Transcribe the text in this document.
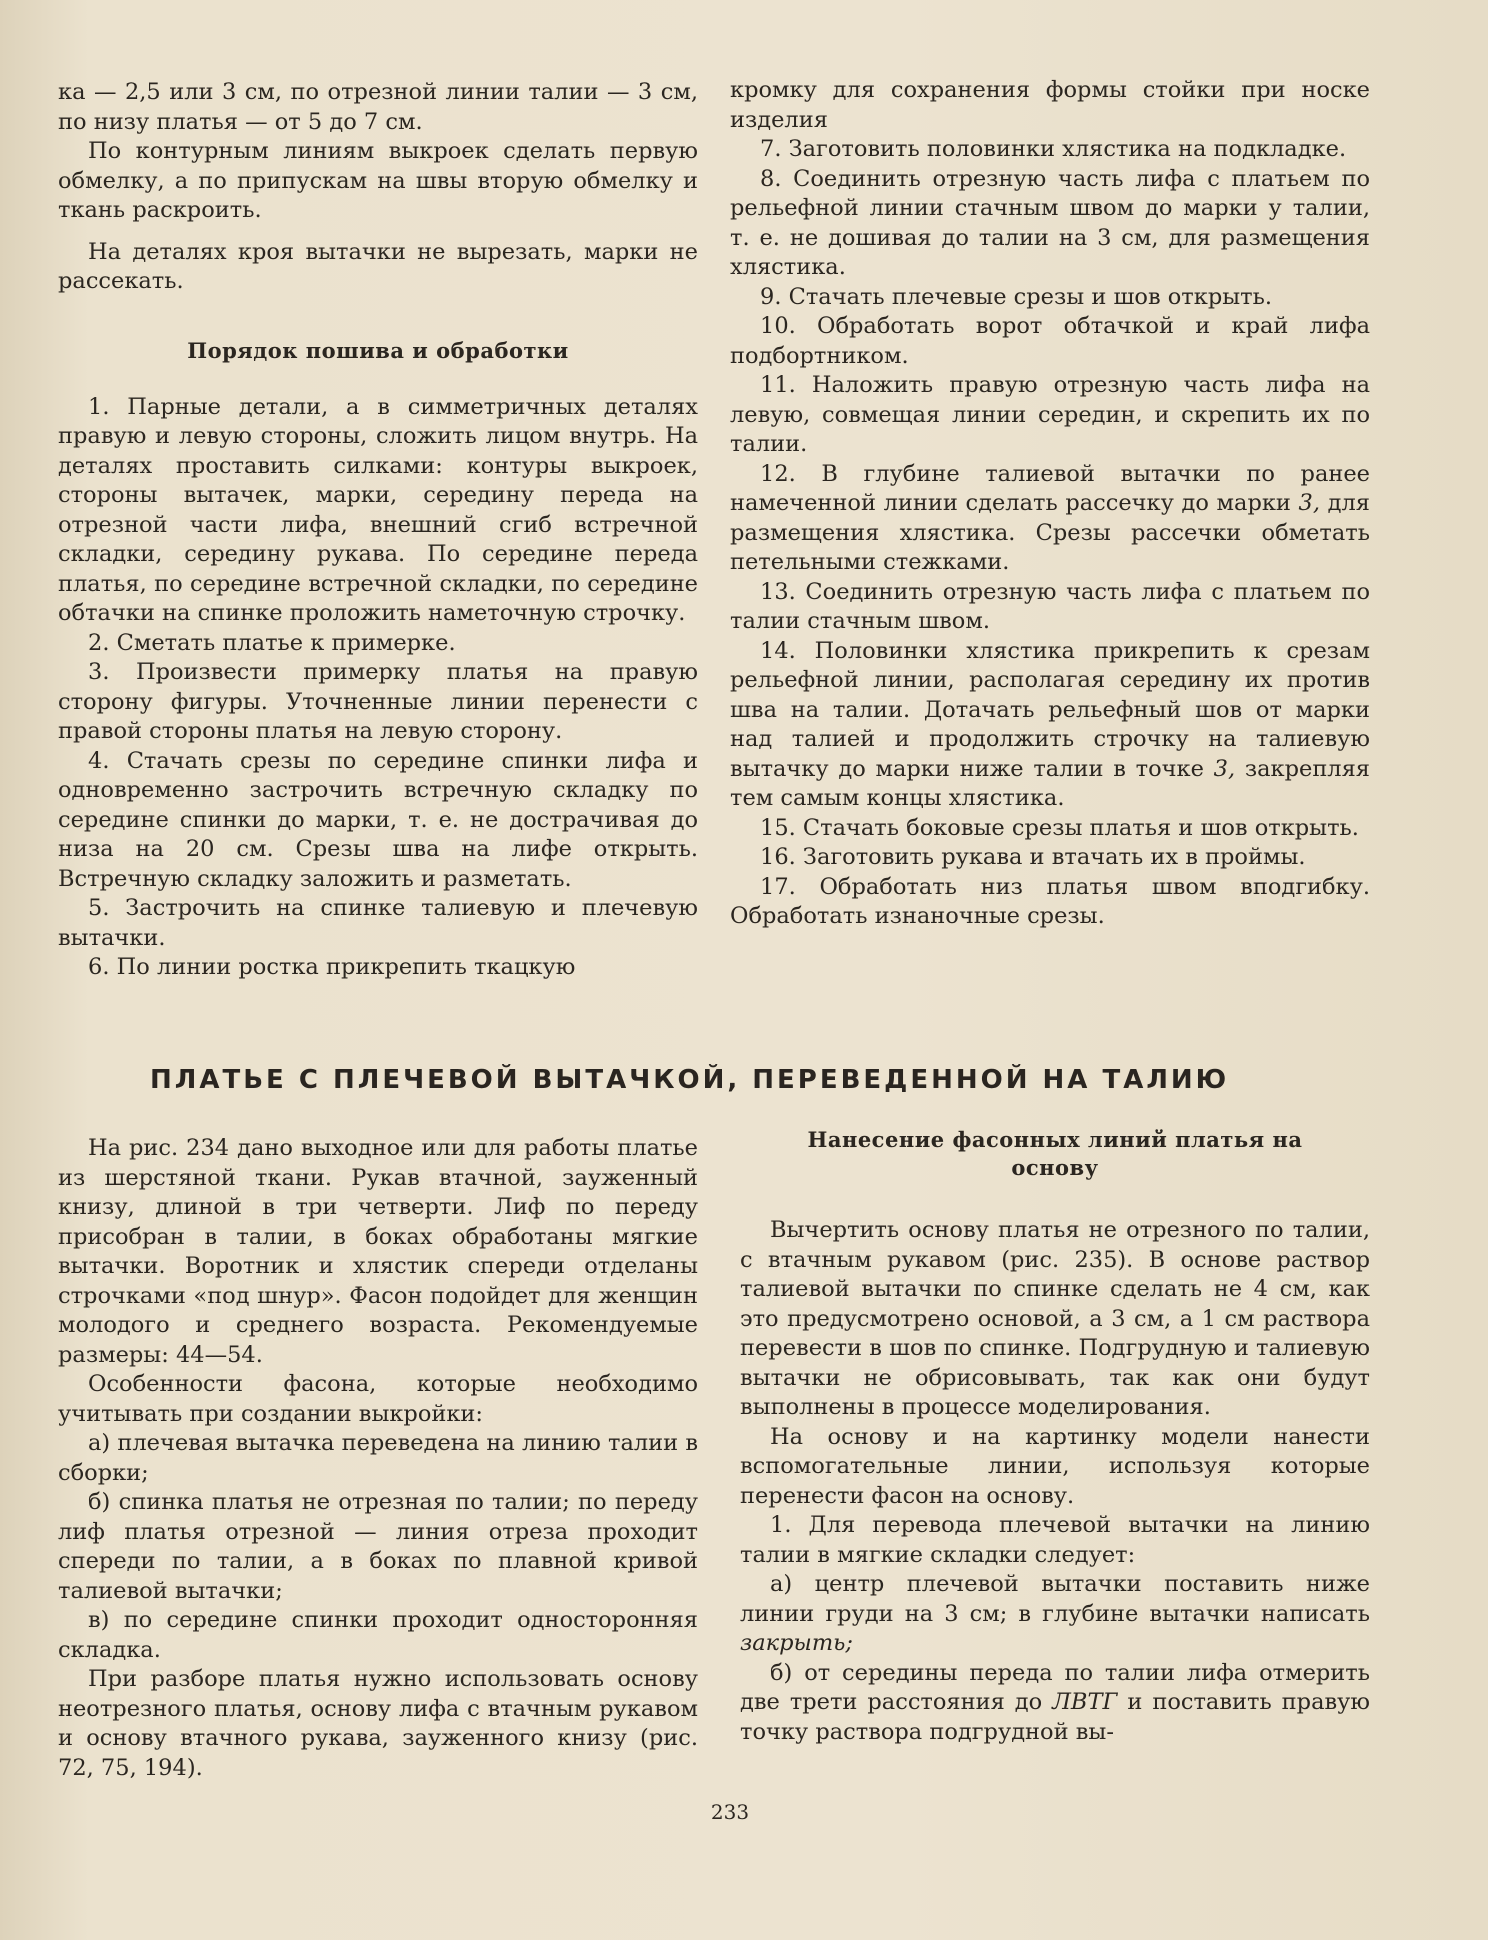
ка — 2,5 или 3 см, по отрезной линии талии — 3 см, по низу платья — от 5 до 7 см.

По контурным линиям выкроек сделать первую обмелку, а по припускам на швы вторую обмелку и ткань раскроить.

На деталях кроя вытачки не вырезать, марки не рассекать.

Порядок пошива и обработки

1. Парные детали, а в симметричных деталях правую и левую стороны, сложить лицом внутрь. На деталях проставить силками: контуры выкроек, стороны вытачек, марки, середину переда на отрезной части лифа, внешний сгиб встречной складки, середину рукава. По середине переда платья, по середине встречной складки, по середине обтачки на спинке проложить наметочную строчку.

2. Сметать платье к примерке.

3. Произвести примерку платья на правую сторону фигуры. Уточненные линии перенести с правой стороны платья на левую сторону.

4. Стачать срезы по середине спинки лифа и одновременно застрочить встречную складку по середине спинки до марки, т. е. не дострачивая до низа на 20 см. Срезы шва на лифе открыть. Встречную складку заложить и разметать.

5. Застрочить на спинке талиевую и плечевую вытачки.

6. По линии ростка прикрепить ткацкую

кромку для сохранения формы стойки при носке изделия

7. Заготовить половинки хлястика на подкладке.

8. Соединить отрезную часть лифа с платьем по рельефной линии стачным швом до марки у талии, т. е. не дошивая до талии на 3 см, для размещения хлястика.

9. Стачать плечевые срезы и шов открыть.

10. Обработать ворот обтачкой и край лифа подбортником.

11. Наложить правую отрезную часть лифа на левую, совмещая линии середин, и скрепить их по талии.

12. В глубине талиевой вытачки по ранее намеченной линии сделать рассечку до марки 3, для размещения хлястика. Срезы рассечки обметать петельными стежками.

13. Соединить отрезную часть лифа с платьем по талии стачным швом.

14. Половинки хлястика прикрепить к срезам рельефной линии, располагая середину их против шва на талии. Дотачать рельефный шов от марки над талией и продолжить строчку на талиевую вытачку до марки ниже талии в точке 3, закрепляя тем самым концы хлястика.

15. Стачать боковые срезы платья и шов открыть.

16. Заготовить рукава и втачать их в проймы.

17. Обработать низ платья швом вподгибку. Обработать изнаночные срезы.

ПЛАТЬЕ С ПЛЕЧЕВОЙ ВЫТАЧКОЙ, ПЕРЕВЕДЕННОЙ НА ТАЛИЮ

На рис. 234 дано выходное или для работы платье из шерстяной ткани. Рукав втачной, зауженный книзу, длиной в три четверти. Лиф по переду присобран в талии, в боках обработаны мягкие вытачки. Воротник и хлястик спереди отделаны строчками «под шнур». Фасон подойдет для женщин молодого и среднего возраста. Рекомендуемые размеры: 44—54.

Особенности фасона, которые необходимо учитывать при создании выкройки:

а) плечевая вытачка переведена на линию талии в сборки;

б) спинка платья не отрезная по талии; по переду лиф платья отрезной — линия отреза проходит спереди по талии, а в боках по плавной кривой талиевой вытачки;

в) по середине спинки проходит односторонняя складка.

При разборе платья нужно использовать основу неотрезного платья, основу лифа с втачным рукавом и основу втачного рукава, зауженного книзу (рис. 72, 75, 194).

Нанесение фасонных линий платья на основу

Вычертить основу платья не отрезного по талии, с втачным рукавом (рис. 235). В основе раствор талиевой вытачки по спинке сделать не 4 см, как это предусмотрено основой, а 3 см, а 1 см раствора перевести в шов по спинке. Подгрудную и талиевую вытачки не обрисовывать, так как они будут выполнены в процессе моделирования.

На основу и на картинку модели нанести вспомогательные линии, используя которые перенести фасон на основу.

1. Для перевода плечевой вытачки на линию талии в мягкие складки следует:

а) центр плечевой вытачки поставить ниже линии груди на 3 см; в глубине вытачки написать закрыть;

б) от середины переда по талии лифа отмерить две трети расстояния до ЛВТГ и поставить правую точку раствора подгрудной вы-

233
